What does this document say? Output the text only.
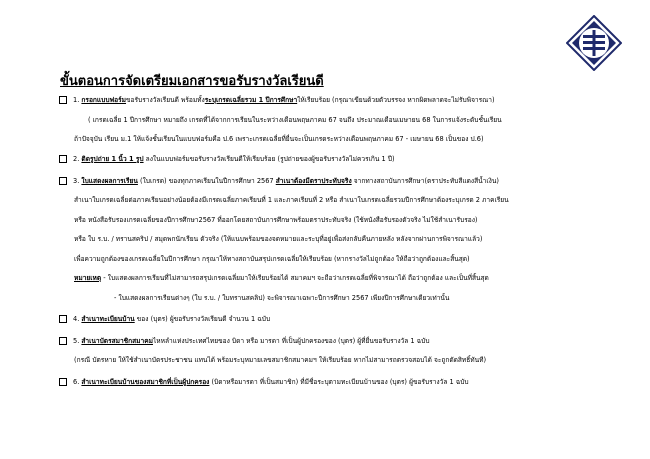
ขั้นตอนการจัดเตรียมเอกสารขอรับรางวัลเรียนดี
1. กรอกแบบฟอร์มขอรับรางวัลเรียนดี พร้อมทั้งระบุเกรดเฉลี่ยรวม 1 ปีการศึกษาให้เรียบร้อย (กรุณาเขียนด้วยตัวบรรจง หากผิดพลาดจะไม่รับพิจารณา)
( เกรดเฉลี่ย 1 ปีการศึกษา หมายถึง เกรดที่ได้จากการเรียนในระหว่างเดือนพฤษภาคม 67 จนถึง ประมาณเดือนเมษายน 68 ในการแจ้งระดับชั้นเรียน
ถ้าปัจจุบัน เรียน ม.1 ให้แจ้งชั้นเรียนในแบบฟอร์มคือ ป.6 เพราะเกรดเฉลี่ยที่ยื่นจะเป็นเกรดระหว่างเดือนพฤษภาคม 67 - เมษายน 68 เป็นของ ป.6)
2. ติดรูปถ่าย 1 นิ้ว 1 รูป ลงในแบบฟอร์มขอรับรางวัลเรียนดีให้เรียบร้อย (รูปถ่ายของผู้ขอรับรางวัลไม่ควรเกิน 1 ปี)
3. ใบแสดงผลการเรียน (ใบเกรด) ของทุกภาคเรียนในปีการศึกษา 2567 สำเนาต้องมีตราประทับจริง จากทางสถาบันการศึกษา(ตราประทับสีแดงสีน้ำเงิน)
สำเนาใบเกรดเฉลี่ยต่อภาคเรียนอย่างน้อยต้องมีเกรดเฉลี่ยภาคเรียนที่ 1 และภาคเรียนที่ 2 หรือ สำเนาใบเกรดเฉลี่ยรวมปีการศึกษาต้องระบุเกรด 2 ภาคเรียน
หรือ หนังสือรับรองเกรดเฉลี่ยของปีการศึกษา2567 ที่ออกโดยสถาบันการศึกษาพร้อมตราประทับจริง (ใช้หนังสือรับรองตัวจริง ไม่ใช้สำเนารับรอง)
หรือ ใบ ร.บ. / ทรานสคริป / สมุดพกนักเรียน ตัวจริง (ให้แนบพร้อมของจดหมายและระบุที่อยู่เพื่อส่งกลับคืนภายหลัง หลังจากผ่านการพิจารณาแล้ว)
เพื่อความถูกต้องของเกรดเฉลี่ยในปีการศึกษา กรุณาให้ทางสถาบันสรุปเกรดเฉลี่ยให้เรียบร้อย (หากรางวัลไม่ถูกต้อง ให้ถือว่าถูกต้องและสิ้นสุด)
หมายเหตุ - ใบแสดงผลการเรียนที่ไม่สามารถสรุปเกรดเฉลี่ยมาให้เรียบร้อยได้ สมาคมฯ จะถือว่าเกรดเฉลี่ยที่พิจารณาได้ ถือว่าถูกต้อง และเป็นที่สิ้นสุด
- ใบแสดงผลการเรียนต่างๆ (ใบ ร.บ. / ใบทรานสคลิป) จะพิจารณาเฉพาะปีการศึกษา 2567 เพียงปีการศึกษาเดียวเท่านั้น
4. สำเนาทะเบียนบ้าน ของ (บุตร) ผู้ขอรับรางวัลเรียนดี จำนวน 1 ฉบับ
5. สำเนาบัตรสมาชิกสมาคมไหหลำแห่งประเทศไทยของ บิดา หรือ มารดา ที่เป็นผู้ปกครองของ (บุตร) ผู้ที่ยื่นขอรับรางวัล 1 ฉบับ
(กรณี บัตรหาย ให้ใช้สำเนาบัตรประชาชน แทนได้ พร้อมระบุหมายเลขสมาชิกสมาคมฯ ให้เรียบร้อย หากไม่สามารถตรวจสอบได้ จะถูกตัดสิทธิ์ทันที)
6. สำเนาทะเบียนบ้านของสมาชิกที่เป็นผู้ปกครอง (บิดาหรือมารดา ที่เป็นสมาชิก) ที่มีชื่อระบุตามทะเบียนบ้านของ (บุตร) ผู้ขอรับรางวัล 1 ฉบับ
